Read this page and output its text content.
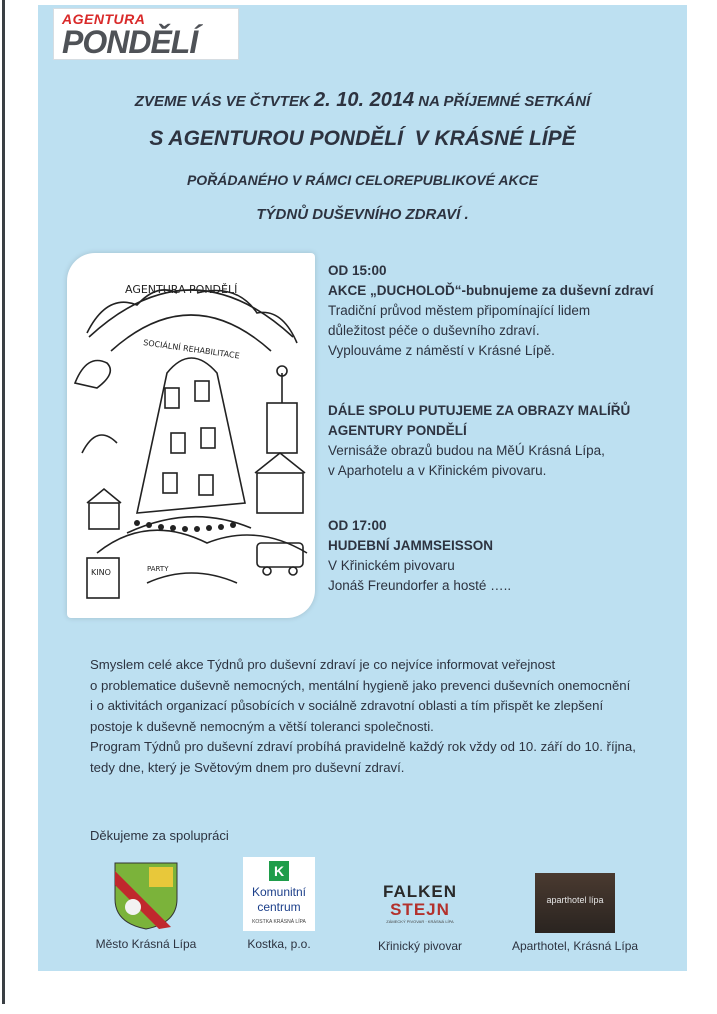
AGENTURA
PONDĚLÍ
ZVEME VÁS VE ČTVTEK 2. 10. 2014 NA PŘÍJEMNÉ SETKÁNÍ
S AGENTUROU PONDĚLÍ  V KRÁSNÉ LÍPĚ
POŘÁDANÉHO V RÁMCI CELOREPUBLIKOVÉ AKCE
TÝDNŮ DUŠEVNÍHO ZDRAVÍ .
AGENTURA PONDĚLÍ
SOCIÁLNÍ REHABILITACE
KINO	PARTY
OD 15:00
AKCE „DUCHOLOĎ“-bubnujeme za duševní zdraví
Tradiční průvod městem připomínající lidem
důležitost péče o duševního zdraví.
Vyplouváme z náměstí v Krásné Lípě.
DÁLE SPOLU PUTUJEME ZA OBRAZY MALÍŘŮ
AGENTURY PONDĚLÍ
Vernisáže obrazů budou na MěÚ Krásná Lípa,
v Aparhotelu a v Křinickém pivovaru.
OD 17:00
HUDEBNÍ JAMMSEISSON
V Křinickém pivovaru
Jonáš Freundorfer a hosté …..
Smyslem celé akce Týdnů pro duševní zdraví je co nejvíce informovat veřejnost
o problematice duševně nemocných, mentální hygieně jako prevenci duševních onemocnění
i o aktivitách organizací působících v sociálně zdravotní oblasti a tím přispět ke zlepšení
postoje k duševně nemocným a větší toleranci společnosti.
Program Týdnů pro duševní zdraví probíhá pravidelně každý rok vždy od 10. září do 10. října,
tedy dne, který je Světovým dnem pro duševní zdraví.
Děkujeme za spolupráci
Město Krásná Lípa
K
Komunitní
centrum
KOSTKA KRÁSNÁ LÍPA
Kostka, p.o.
FALKEN
STEJN
ZÁMECKÝ PIVOVAR · KRÁSNÁ LÍPA
Křinický pivovar
aparthotel lípa
Aparthotel, Krásná Lípa
